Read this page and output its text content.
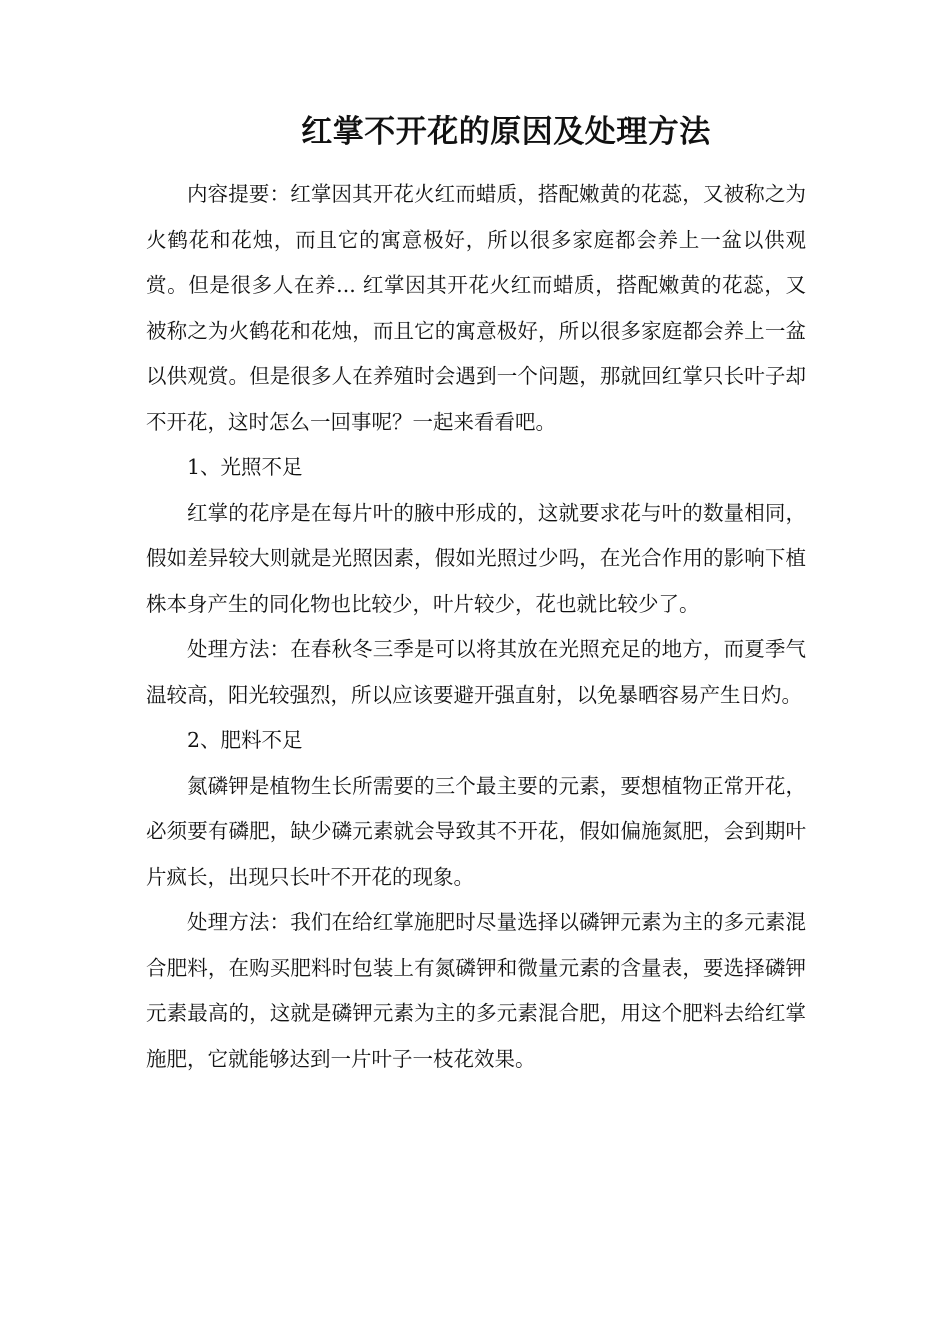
红掌不开花的原因及处理方法

内容提要：红掌因其开花火红而蜡质，搭配嫩黄的花蕊，又被称之为火鹤花和花烛，而且它的寓意极好，所以很多家庭都会养上一盆以供观赏。但是很多人在养... 红掌因其开花火红而蜡质，搭配嫩黄的花蕊，又被称之为火鹤花和花烛，而且它的寓意极好，所以很多家庭都会养上一盆以供观赏。但是很多人在养殖时会遇到一个问题，那就回红掌只长叶子却不开花，这时怎么一回事呢？一起来看看吧。

1、光照不足

红掌的花序是在每片叶的腋中形成的，这就要求花与叶的数量相同，假如差异较大则就是光照因素，假如光照过少吗，在光合作用的影响下植株本身产生的同化物也比较少，叶片较少，花也就比较少了。

处理方法：在春秋冬三季是可以将其放在光照充足的地方，而夏季气温较高，阳光较强烈，所以应该要避开强直射，以免暴晒容易产生日灼。

2、肥料不足

氮磷钾是植物生长所需要的三个最主要的元素，要想植物正常开花，必须要有磷肥，缺少磷元素就会导致其不开花，假如偏施氮肥，会到期叶片疯长，出现只长叶不开花的现象。

处理方法：我们在给红掌施肥时尽量选择以磷钾元素为主的多元素混合肥料，在购买肥料时包装上有氮磷钾和微量元素的含量表，要选择磷钾元素最高的，这就是磷钾元素为主的多元素混合肥，用这个肥料去给红掌施肥，它就能够达到一片叶子一枝花效果。
